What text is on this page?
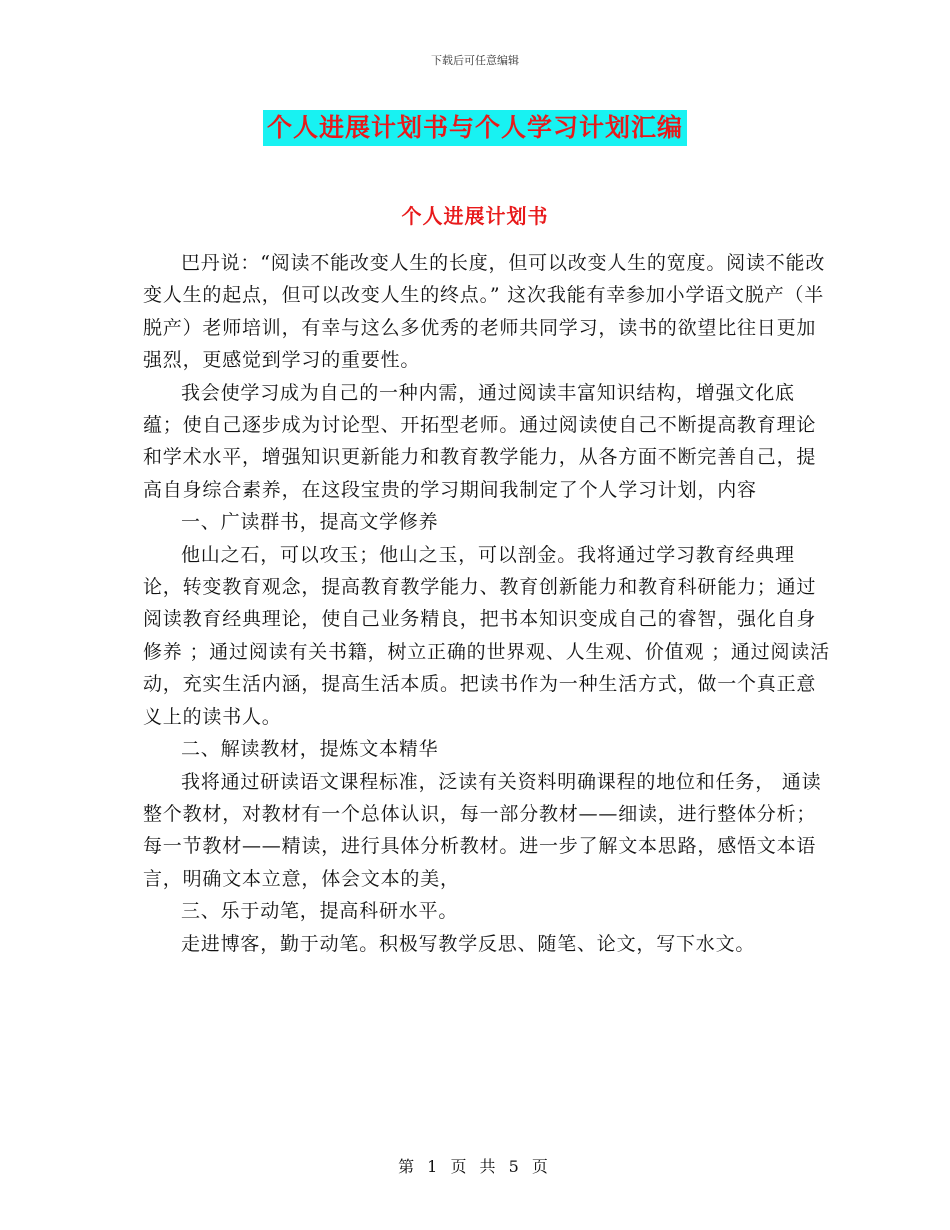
下载后可任意编辑
个人进展计划书与个人学习计划汇编
个人进展计划书

巴丹说：“阅读不能改变人生的长度，但可以改变人生的宽度。阅读不能改变人生的起点，但可以改变人生的终点。” 这次我能有幸参加小学语文脱产（半脱产）老师培训，有幸与这么多优秀的老师共同学习，读书的欲望比往日更加强烈，更感觉到学习的重要性。

我会使学习成为自己的一种内需，通过阅读丰富知识结构，增强文化底蕴；使自己逐步成为讨论型、开拓型老师。通过阅读使自己不断提高教育理论和学术水平，增强知识更新能力和教育教学能力，从各方面不断完善自己，提高自身综合素养，在这段宝贵的学习期间我制定了个人学习计划，内容

一、广读群书，提高文学修养

他山之石，可以攻玉；他山之玉，可以剖金。我将通过学习教育经典理论，转变教育观念，提高教育教学能力、教育创新能力和教育科研能力；通过阅读教育经典理论，使自己业务精良，把书本知识变成自己的睿智，强化自身修养 ；通过阅读有关书籍，树立正确的世界观、人生观、价值观 ；通过阅读活动，充实生活内涵，提高生活本质。把读书作为一种生活方式，做一个真正意义上的读书人。

二、解读教材，提炼文本精华

我将通过研读语文课程标准，泛读有关资料明确课程的地位和任务， 通读整个教材，对教材有一个总体认识，每一部分教材——细读，进行整体分析；每一节教材——精读，进行具体分析教材。进一步了解文本思路，感悟文本语言，明确文本立意，体会文本的美，

三、乐于动笔，提高科研水平。

走进博客，勤于动笔。积极写教学反思、随笔、论文，写下水文。

第 1 页 共 5 页
